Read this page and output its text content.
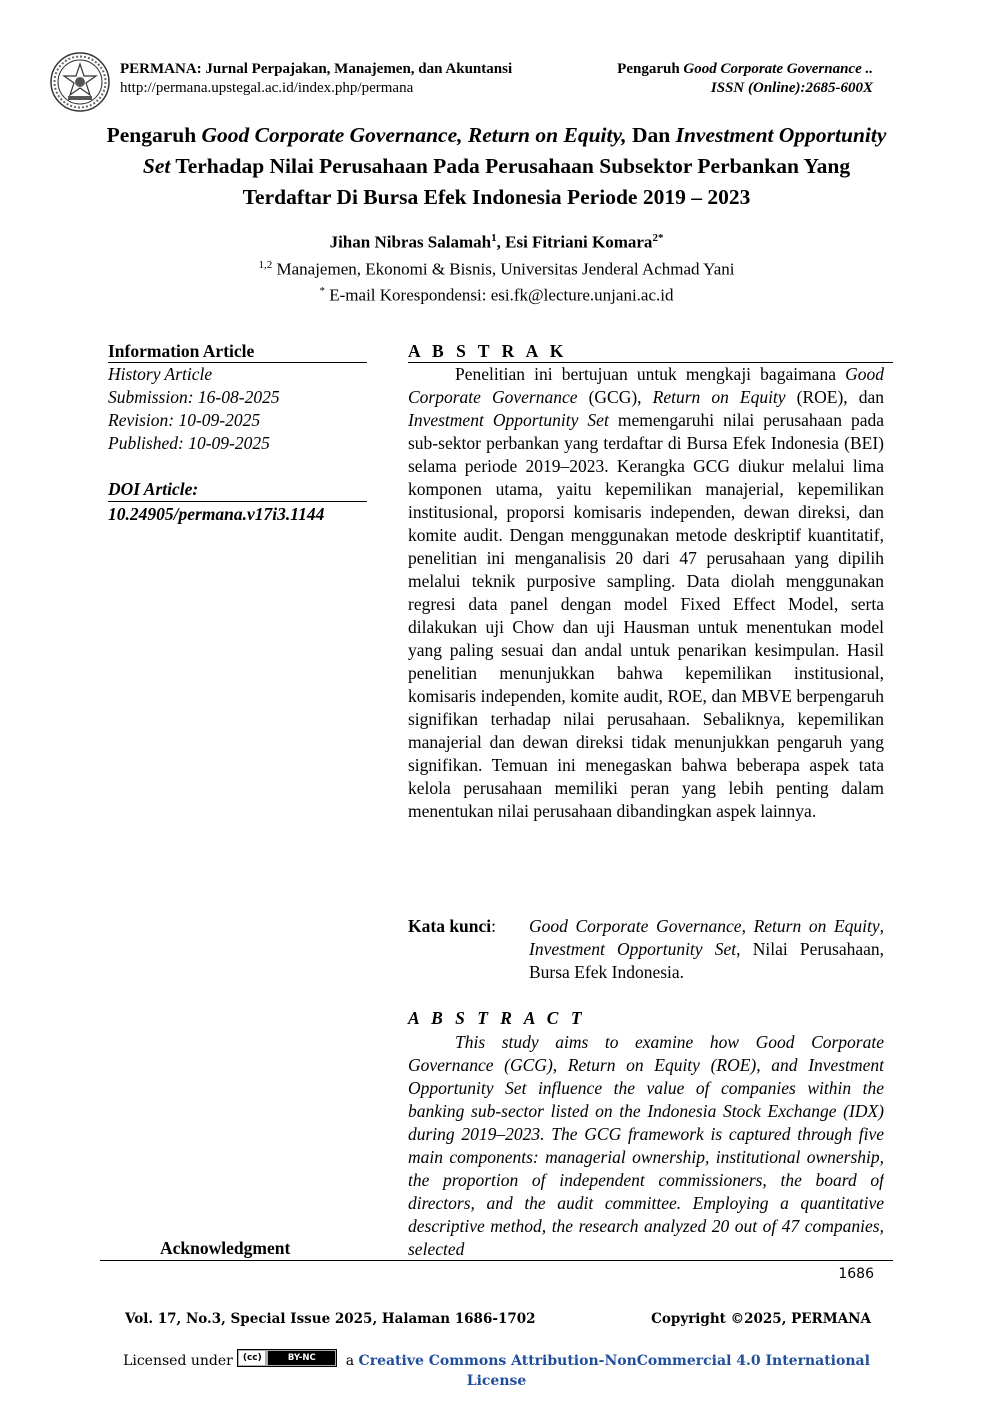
PERMANA: Jurnal Perpajakan, Manajemen, dan Akuntansi
http://permana.upstegal.ac.id/index.php/permana
Pengaruh Good Corporate Governance ..
ISSN (Online):2685-600X
Pengaruh Good Corporate Governance, Return on Equity, Dan Investment Opportunity Set Terhadap Nilai Perusahaan Pada Perusahaan Subsektor Perbankan Yang Terdaftar Di Bursa Efek Indonesia Periode 2019 – 2023
Jihan Nibras Salamah$^1$, Esi Fitriani Komara$^{2*}$
$^{1,2}$ Manajemen, Ekonomi & Bisnis, Universitas Jenderal Achmad Yani
* E-mail Korespondensi: esi.fk@lecture.unjani.ac.id
Information Article
History Article
Submission: 16-08-2025
Revision: 10-09-2025
Published: 10-09-2025
DOI Article:
10.24905/permana.v17i3.1144
Acknowledgment
A B S T R A K
Penelitian ini bertujuan untuk mengkaji bagaimana Good Corporate Governance (GCG), Return on Equity (ROE), dan Investment Opportunity Set memengaruhi nilai perusahaan pada sub-sektor perbankan yang terdaftar di Bursa Efek Indonesia (BEI) selama periode 2019–2023. Kerangka GCG diukur melalui lima komponen utama, yaitu kepemilikan manajerial, kepemilikan institusional, proporsi komisaris independen, dewan direksi, dan komite audit. Dengan menggunakan metode deskriptif kuantitatif, penelitian ini menganalisis 20 dari 47 perusahaan yang dipilih melalui teknik purposive sampling. Data diolah menggunakan regresi data panel dengan model Fixed Effect Model, serta dilakukan uji Chow dan uji Hausman untuk menentukan model yang paling sesuai dan andal untuk penarikan kesimpulan. Hasil penelitian menunjukkan bahwa kepemilikan institusional, komisaris independen, komite audit, ROE, dan MBVE berpengaruh signifikan terhadap nilai perusahaan. Sebaliknya, kepemilikan manajerial dan dewan direksi tidak menunjukkan pengaruh yang signifikan. Temuan ini menegaskan bahwa beberapa aspek tata kelola perusahaan memiliki peran yang lebih penting dalam menentukan nilai perusahaan dibandingkan aspek lainnya.
Kata kunci: Good Corporate Governance, Return on Equity, Investment Opportunity Set, Nilai Perusahaan, Bursa Efek Indonesia.
A B S T R A C T
This study aims to examine how Good Corporate Governance (GCG), Return on Equity (ROE), and Investment Opportunity Set influence the value of companies within the banking sub-sector listed on the Indonesia Stock Exchange (IDX) during 2019–2023. The GCG framework is captured through five main components: managerial ownership, institutional ownership, the proportion of independent commissioners, the board of directors, and the audit committee. Employing a quantitative descriptive method, the research analyzed 20 out of 47 companies, selected
1686
Vol. 17, No.3, Special Issue 2025, Halaman 1686-1702	Copyright ©2025, PERMANA
Licensed under (cc)	BY-NC	a Creative Commons Attribution-NonCommercial 4.0 International License
